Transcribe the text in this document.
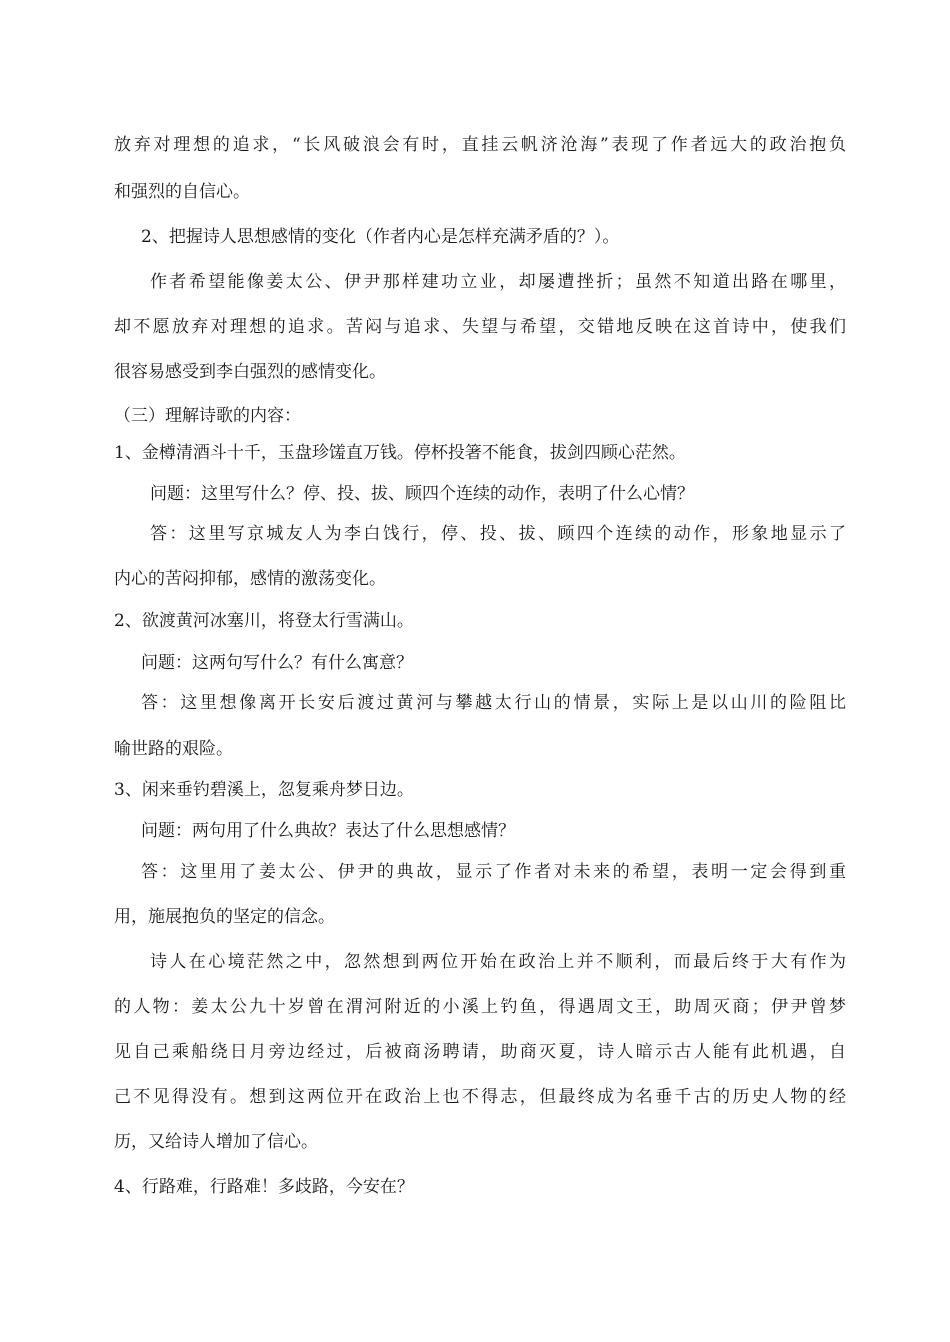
放弃对理想的追求，“长风破浪会有时，直挂云帆济沧海”表现了作者远大的政治抱负
和强烈的自信心。
2、把握诗人思想感情的变化（作者内心是怎样充满矛盾的？）。
作者希望能像姜太公、伊尹那样建功立业，却屡遭挫折；虽然不知道出路在哪里，
却不愿放弃对理想的追求。苦闷与追求、失望与希望，交错地反映在这首诗中，使我们
很容易感受到李白强烈的感情变化。
（三）理解诗歌的内容：
1、金樽清酒斗十千，玉盘珍馐直万钱。停杯投箸不能食，拔剑四顾心茫然。
问题：这里写什么？停、投、拔、顾四个连续的动作，表明了什么心情？
答：这里写京城友人为李白饯行，停、投、拔、顾四个连续的动作，形象地显示了
内心的苦闷抑郁，感情的激荡变化。
2、欲渡黄河冰塞川，将登太行雪满山。
问题：这两句写什么？有什么寓意？
答：这里想像离开长安后渡过黄河与攀越太行山的情景，实际上是以山川的险阻比
喻世路的艰险。
3、闲来垂钓碧溪上，忽复乘舟梦日边。
问题：两句用了什么典故？表达了什么思想感情？
答：这里用了姜太公、伊尹的典故，显示了作者对未来的希望，表明一定会得到重
用，施展抱负的坚定的信念。
诗人在心境茫然之中，忽然想到两位开始在政治上并不顺利，而最后终于大有作为
的人物：姜太公九十岁曾在渭河附近的小溪上钓鱼，得遇周文王，助周灭商；伊尹曾梦
见自己乘船绕日月旁边经过，后被商汤聘请，助商灭夏，诗人暗示古人能有此机遇，自
己不见得没有。想到这两位开在政治上也不得志，但最终成为名垂千古的历史人物的经
历，又给诗人增加了信心。
4、行路难，行路难！多歧路，今安在？
